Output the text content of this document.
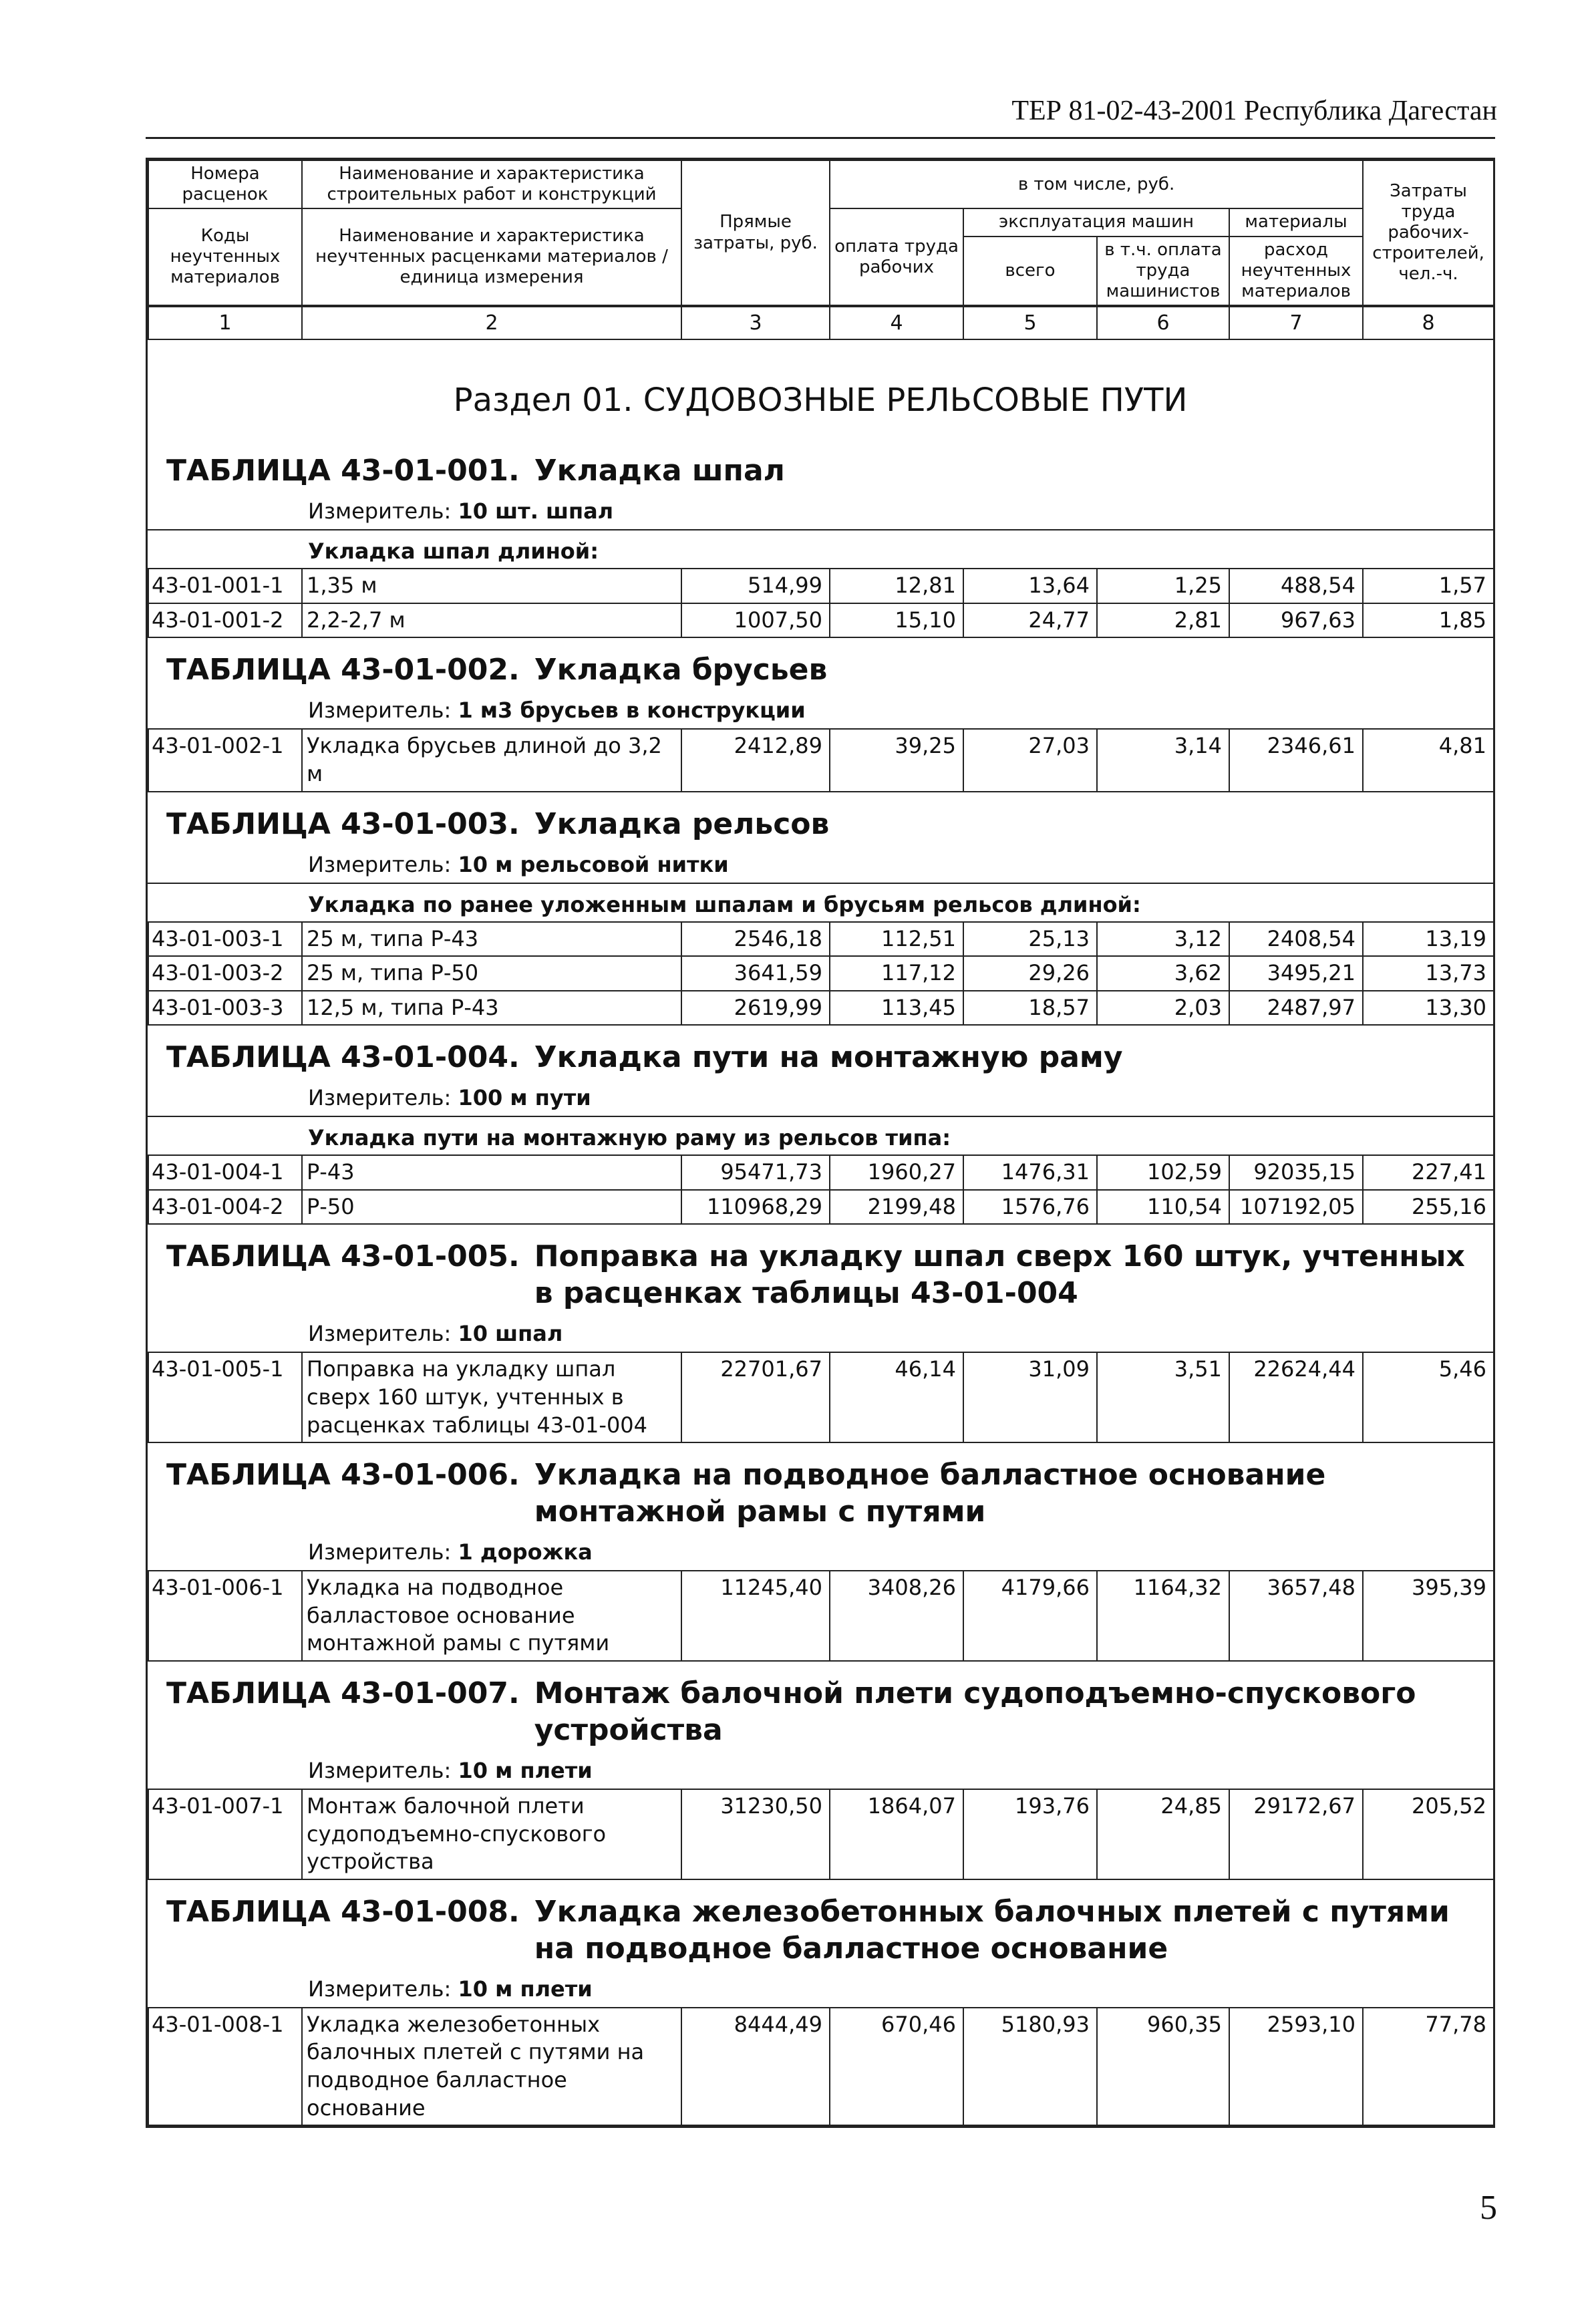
ТЕР 81-02-43-2001 Республика Дагестан
Номера расценок	Наименование и характеристика строительных работ и конструкций	Прямые затраты, руб.	в том числе, руб.				Затраты труда рабочих-строителей, чел.-ч.
Коды неучтенных материалов	Наименование и характеристика неучтенных расценками материалов / единица измерения		оплата труда рабочих	эксплуатация машин		материалы	
				всего	в т.ч. оплата труда машинистов	расход неучтенных материалов	
1	2	3	4	5	6	7	8
Раздел 01. СУДОВОЗНЫЕ РЕЛЬСОВЫЕ ПУТИ
ТАБЛИЦА 43-01-001. Укладка шпал
Измеритель: 10 шт. шпал
Укладка шпал длиной:
43-01-001-1	1,35 м	514,99	12,81	13,64	1,25	488,54	1,57
43-01-001-2	2,2-2,7 м	1007,50	15,10	24,77	2,81	967,63	1,85
ТАБЛИЦА 43-01-002. Укладка брусьев
Измеритель: 1 м3 брусьев в конструкции
43-01-002-1	Укладка брусьев длиной до 3,2 м	2412,89	39,25	27,03	3,14	2346,61	4,81
ТАБЛИЦА 43-01-003. Укладка рельсов
Измеритель: 10 м рельсовой нитки
Укладка по ранее уложенным шпалам и брусьям рельсов длиной:
43-01-003-1	25 м, типа Р-43	2546,18	112,51	25,13	3,12	2408,54	13,19
43-01-003-2	25 м, типа Р-50	3641,59	117,12	29,26	3,62	3495,21	13,73
43-01-003-3	12,5 м, типа Р-43	2619,99	113,45	18,57	2,03	2487,97	13,30
ТАБЛИЦА 43-01-004. Укладка пути на монтажную раму
Измеритель: 100 м пути
Укладка пути на монтажную раму из рельсов типа:
43-01-004-1	Р-43	95471,73	1960,27	1476,31	102,59	92035,15	227,41
43-01-004-2	Р-50	110968,29	2199,48	1576,76	110,54	107192,05	255,16
ТАБЛИЦА 43-01-005. Поправка на укладку шпал сверх 160 штук, учтенных в расценках таблицы 43-01-004
Измеритель: 10 шпал
43-01-005-1	Поправка на укладку шпал сверх 160 штук, учтенных в расценках таблицы 43-01-004	22701,67	46,14	31,09	3,51	22624,44	5,46
ТАБЛИЦА 43-01-006. Укладка на подводное балластное основание монтажной рамы с путями
Измеритель: 1 дорожка
43-01-006-1	Укладка на подводное балластовое основание монтажной рамы с путями	11245,40	3408,26	4179,66	1164,32	3657,48	395,39
ТАБЛИЦА 43-01-007. Монтаж балочной плети судоподъемно-спускового устройства
Измеритель: 10 м плети
43-01-007-1	Монтаж балочной плети судоподъемно-спускового устройства	31230,50	1864,07	193,76	24,85	29172,67	205,52
ТАБЛИЦА 43-01-008. Укладка железобетонных балочных плетей с путями на подводное балластное основание
Измеритель: 10 м плети
43-01-008-1	Укладка железобетонных балочных плетей с путями на подводное балластное основание	8444,49	670,46	5180,93	960,35	2593,10	77,78
5
